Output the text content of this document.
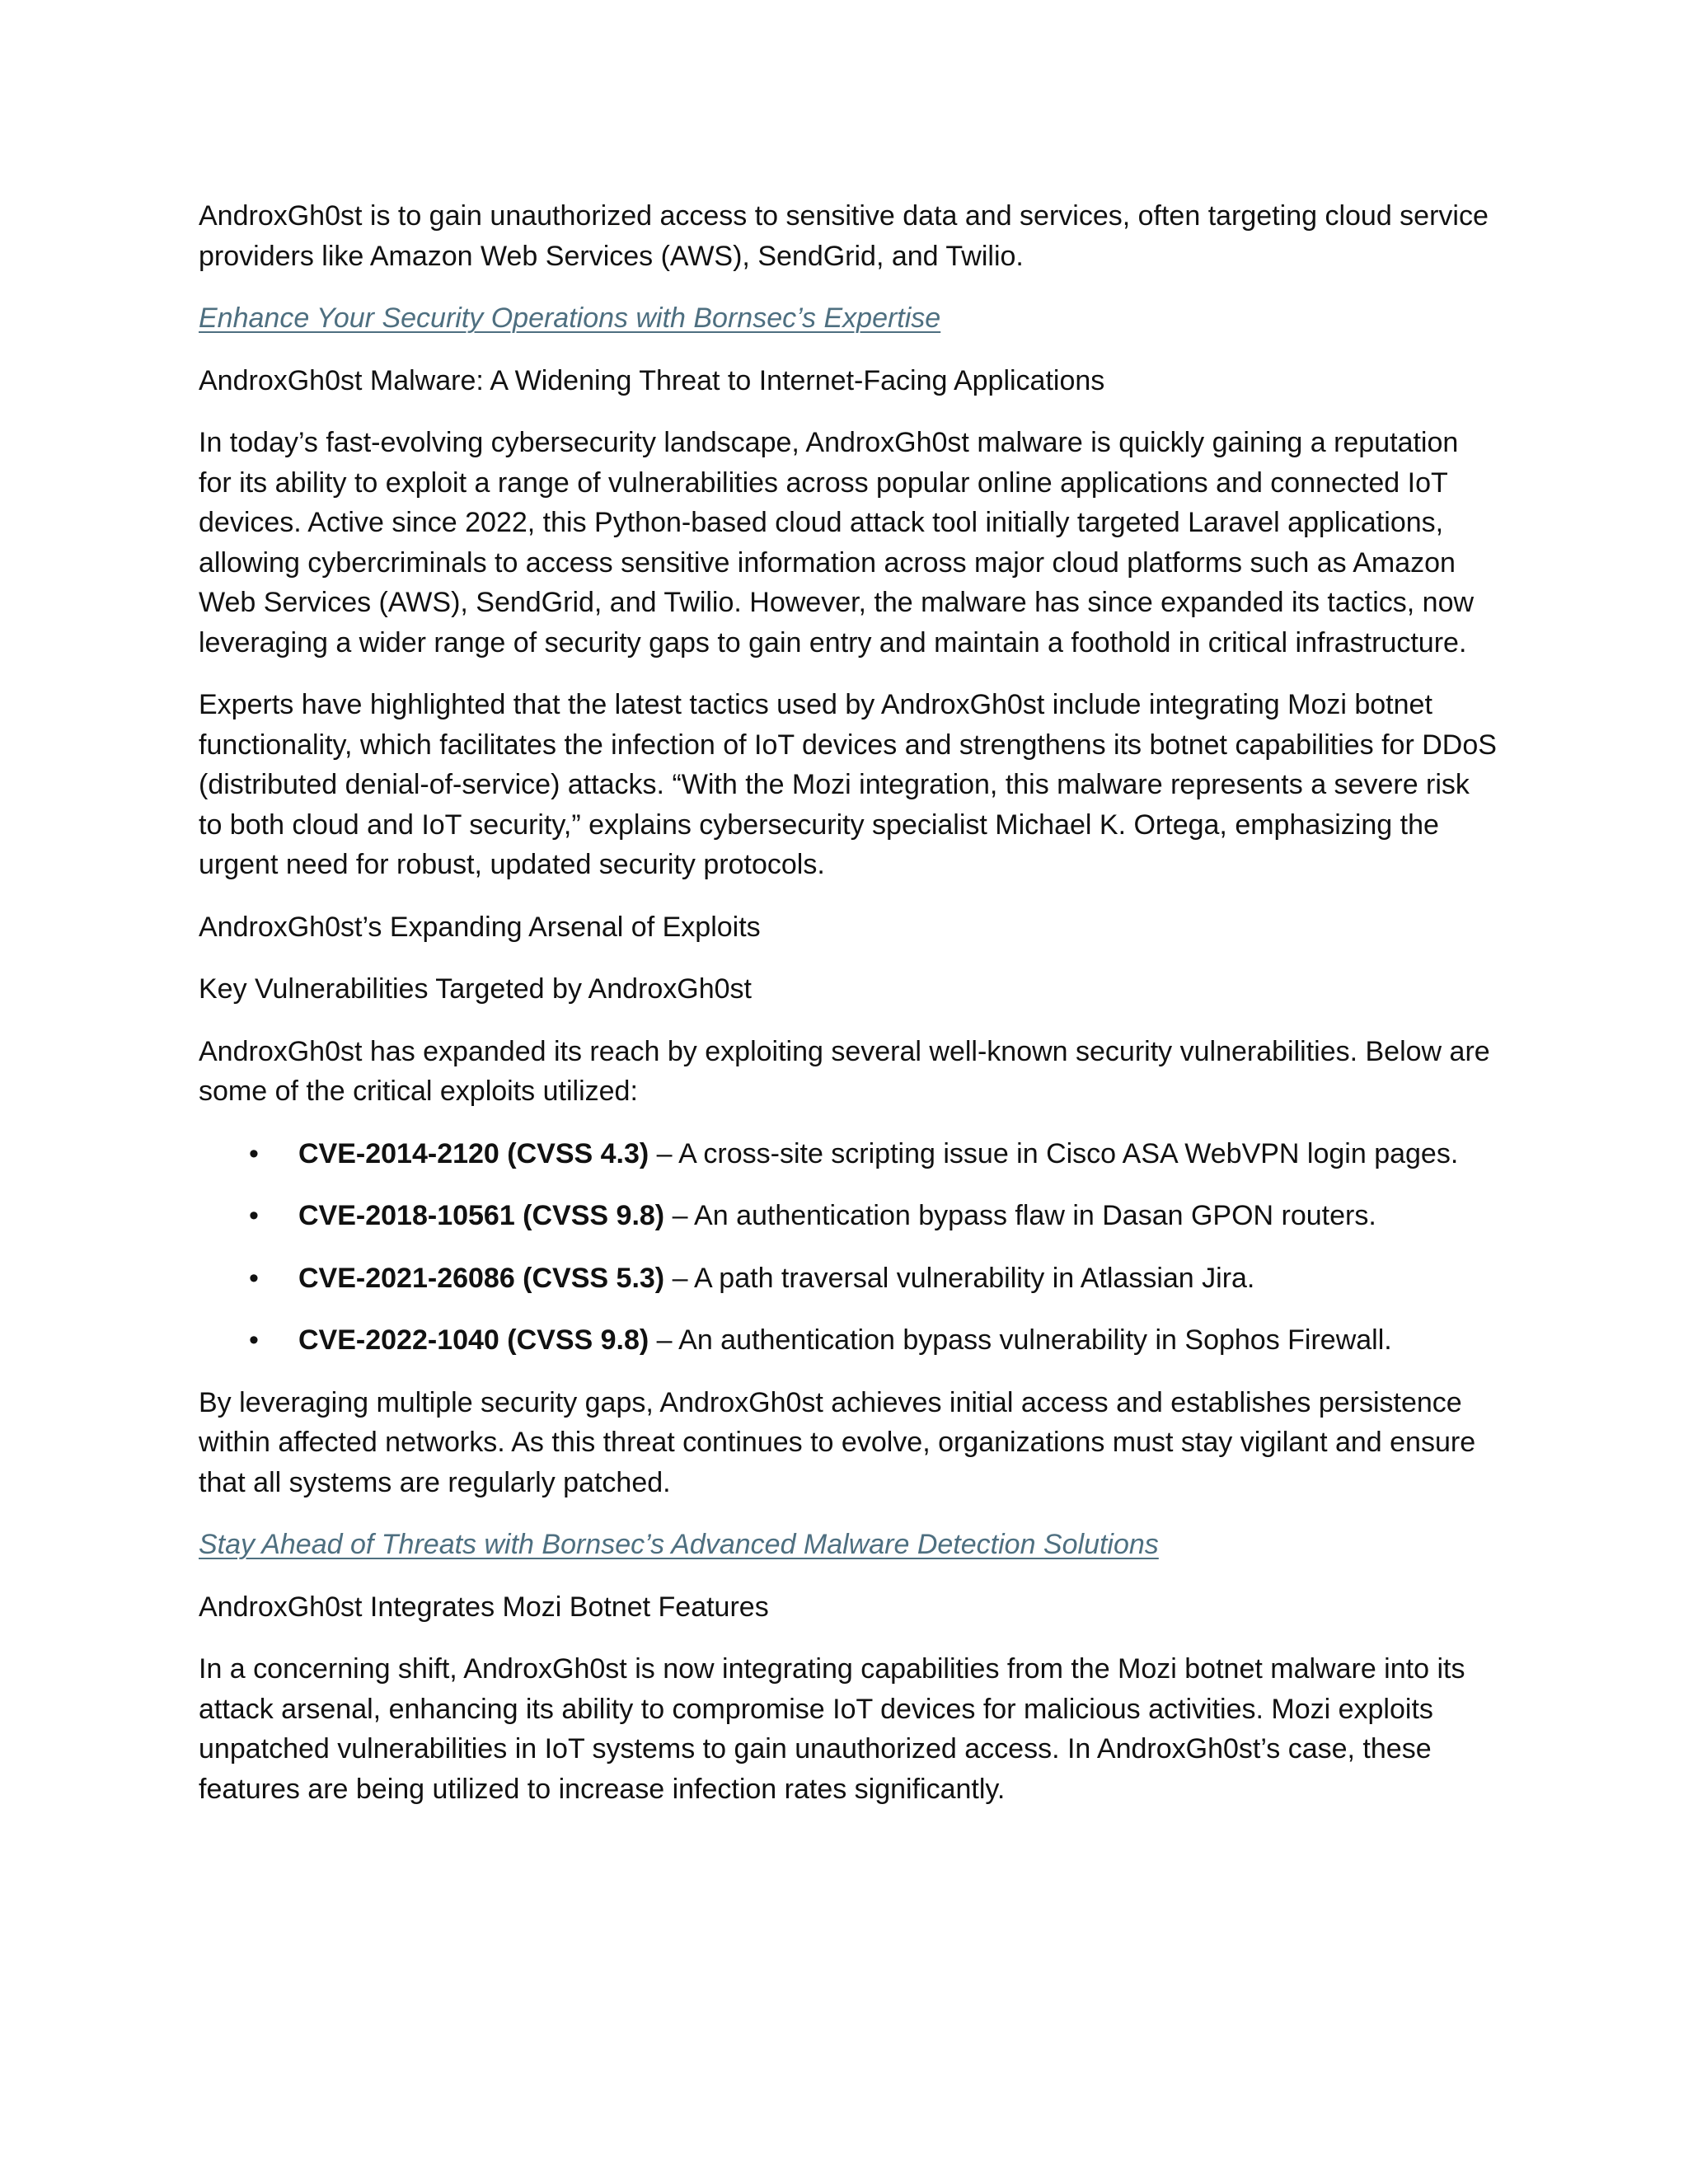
AndroxGh0st is to gain unauthorized access to sensitive data and services, often targeting cloud service providers like Amazon Web Services (AWS), SendGrid, and Twilio.

Enhance Your Security Operations with Bornsec’s Expertise

AndroxGh0st Malware: A Widening Threat to Internet-Facing Applications

In today’s fast-evolving cybersecurity landscape, AndroxGh0st malware is quickly gaining a reputation for its ability to exploit a range of vulnerabilities across popular online applications and connected IoT devices. Active since 2022, this Python-based cloud attack tool initially targeted Laravel applications, allowing cybercriminals to access sensitive information across major cloud platforms such as Amazon Web Services (AWS), SendGrid, and Twilio. However, the malware has since expanded its tactics, now leveraging a wider range of security gaps to gain entry and maintain a foothold in critical infrastructure.

Experts have highlighted that the latest tactics used by AndroxGh0st include integrating Mozi botnet functionality, which facilitates the infection of IoT devices and strengthens its botnet capabilities for DDoS (distributed denial-of-service) attacks. “With the Mozi integration, this malware represents a severe risk to both cloud and IoT security,” explains cybersecurity specialist Michael K. Ortega, emphasizing the urgent need for robust, updated security protocols.

AndroxGh0st’s Expanding Arsenal of Exploits

Key Vulnerabilities Targeted by AndroxGh0st

AndroxGh0st has expanded its reach by exploiting several well-known security vulnerabilities. Below are some of the critical exploits utilized:

• CVE-2014-2120 (CVSS 4.3) – A cross-site scripting issue in Cisco ASA WebVPN login pages.
• CVE-2018-10561 (CVSS 9.8) – An authentication bypass flaw in Dasan GPON routers.
• CVE-2021-26086 (CVSS 5.3) – A path traversal vulnerability in Atlassian Jira.
• CVE-2022-1040 (CVSS 9.8) – An authentication bypass vulnerability in Sophos Firewall.

By leveraging multiple security gaps, AndroxGh0st achieves initial access and establishes persistence within affected networks. As this threat continues to evolve, organizations must stay vigilant and ensure that all systems are regularly patched.

Stay Ahead of Threats with Bornsec’s Advanced Malware Detection Solutions

AndroxGh0st Integrates Mozi Botnet Features

In a concerning shift, AndroxGh0st is now integrating capabilities from the Mozi botnet malware into its attack arsenal, enhancing its ability to compromise IoT devices for malicious activities. Mozi exploits unpatched vulnerabilities in IoT systems to gain unauthorized access. In AndroxGh0st’s case, these features are being utilized to increase infection rates significantly.
